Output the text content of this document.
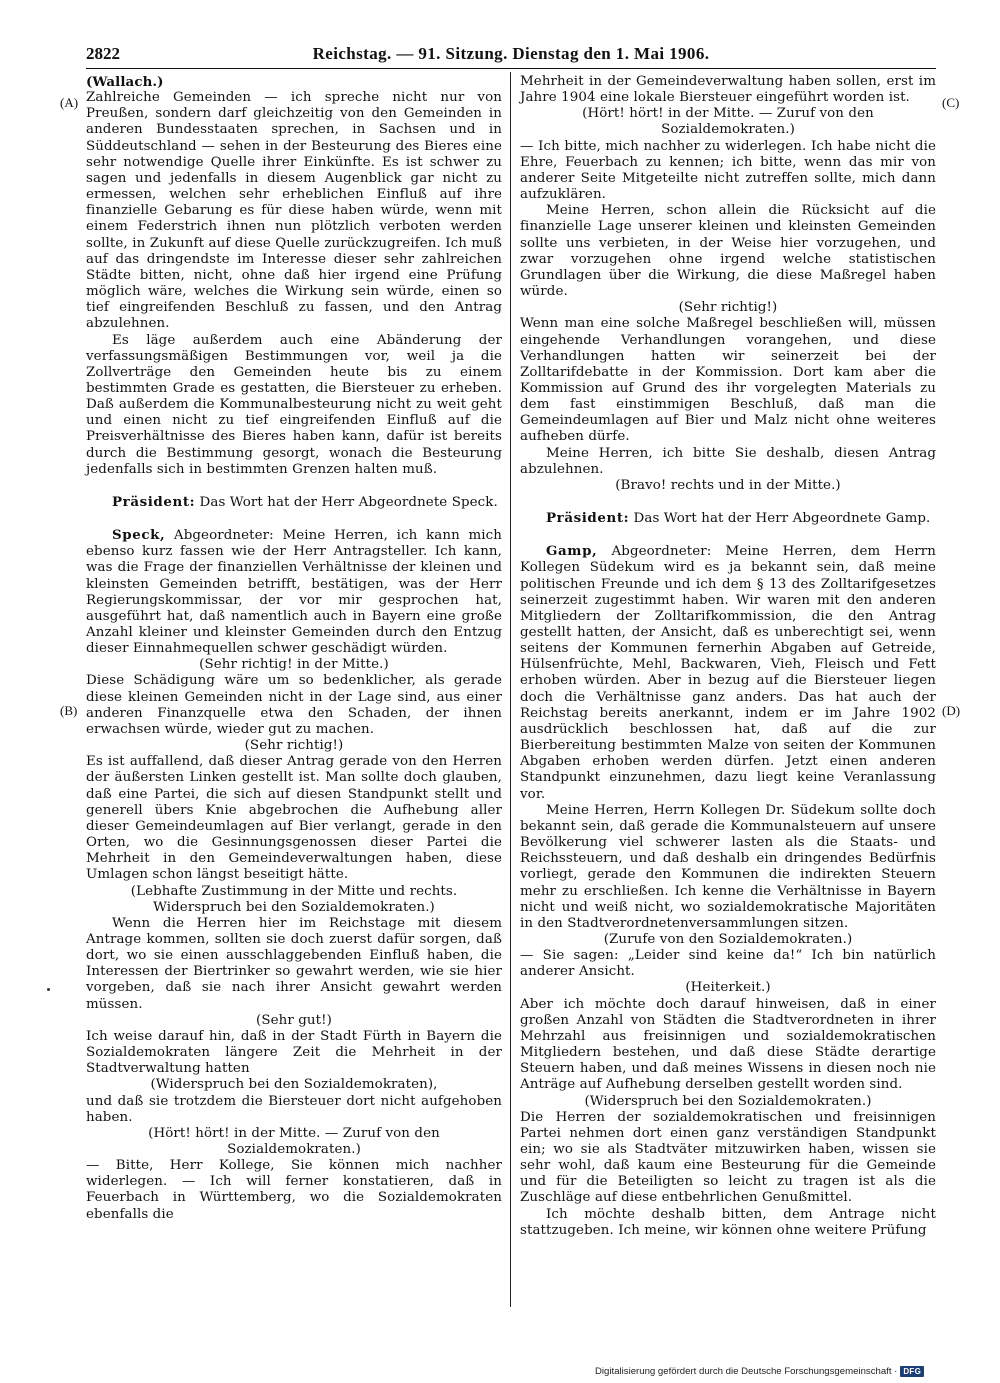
2822	Reichstag. — 91. Sitzung. Dienstag den 1. Mai 1906.
(A)
(B)
(C)
(D)

(Wallach.)

Zahlreiche Gemeinden — ich spreche nicht nur von Preußen, sondern darf gleichzeitig von den Gemeinden in anderen Bundesstaaten sprechen, in Sachsen und in Süddeutschland — sehen in der Besteurung des Bieres eine sehr notwendige Quelle ihrer Einkünfte. Es ist schwer zu sagen und jedenfalls in diesem Augenblick gar nicht zu ermessen, welchen sehr erheblichen Einfluß auf ihre finanzielle Gebarung es für diese haben würde, wenn mit einem Federstrich ihnen nun plötzlich verboten werden sollte, in Zukunft auf diese Quelle zurückzugreifen. Ich muß auf das dringendste im Interesse dieser sehr zahlreichen Städte bitten, nicht, ohne daß hier irgend eine Prüfung möglich wäre, welches die Wirkung sein würde, einen so tief eingreifenden Beschluß zu fassen, und den Antrag abzulehnen.

Es läge außerdem auch eine Abänderung der verfassungsmäßigen Bestimmungen vor, weil ja die Zollverträge den Gemeinden heute bis zu einem bestimmten Grade es gestatten, die Biersteuer zu erheben. Daß außerdem die Kommunalbesteurung nicht zu weit geht und einen nicht zu tief eingreifenden Einfluß auf die Preisverhältnisse des Bieres haben kann, dafür ist bereits durch die Bestimmung gesorgt, wonach die Besteurung jedenfalls sich in bestimmten Grenzen halten muß.

Präsident: Das Wort hat der Herr Abgeordnete Speck.

Speck, Abgeordneter: Meine Herren, ich kann mich ebenso kurz fassen wie der Herr Antragsteller. Ich kann, was die Frage der finanziellen Verhältnisse der kleinen und kleinsten Gemeinden betrifft, bestätigen, was der Herr Regierungskommissar, der vor mir gesprochen hat, ausgeführt hat, daß namentlich auch in Bayern eine große Anzahl kleiner und kleinster Gemeinden durch den Entzug dieser Einnahmequellen schwer geschädigt würden.

(Sehr richtig! in der Mitte.)

Diese Schädigung wäre um so bedenklicher, als gerade diese kleinen Gemeinden nicht in der Lage sind, aus einer anderen Finanzquelle etwa den Schaden, der ihnen erwachsen würde, wieder gut zu machen.

(Sehr richtig!)

Es ist auffallend, daß dieser Antrag gerade von den Herren der äußersten Linken gestellt ist. Man sollte doch glauben, daß eine Partei, die sich auf diesen Standpunkt stellt und generell übers Knie abgebrochen die Aufhebung aller dieser Gemeindeumlagen auf Bier verlangt, gerade in den Orten, wo die Gesinnungsgenossen dieser Partei die Mehrheit in den Gemeindeverwaltungen haben, diese Umlagen schon längst beseitigt hätte.

(Lebhafte Zustimmung in der Mitte und rechts. Widerspruch bei den Sozialdemokraten.)

Wenn die Herren hier im Reichstage mit diesem Antrage kommen, sollten sie doch zuerst dafür sorgen, daß dort, wo sie einen ausschlaggebenden Einfluß haben, die Interessen der Biertrinker so gewahrt werden, wie sie hier vorgeben, daß sie nach ihrer Ansicht gewahrt werden müssen.

(Sehr gut!)

Ich weise darauf hin, daß in der Stadt Fürth in Bayern die Sozialdemokraten längere Zeit die Mehrheit in der Stadtverwaltung hatten

(Widerspruch bei den Sozialdemokraten),

und daß sie trotzdem die Biersteuer dort nicht aufgehoben haben.

(Hört! hört! in der Mitte. — Zuruf von den Sozialdemokraten.)

— Bitte, Herr Kollege, Sie können mich nachher widerlegen. — Ich will ferner konstatieren, daß in Feuerbach in Württemberg, wo die Sozialdemokraten ebenfalls die

Mehrheit in der Gemeindeverwaltung haben sollen, erst im Jahre 1904 eine lokale Biersteuer eingeführt worden ist.

(Hört! hört! in der Mitte. — Zuruf von den Sozialdemokraten.)

— Ich bitte, mich nachher zu widerlegen. Ich habe nicht die Ehre, Feuerbach zu kennen; ich bitte, wenn das mir von anderer Seite Mitgeteilte nicht zutreffen sollte, mich dann aufzuklären.

Meine Herren, schon allein die Rücksicht auf die finanzielle Lage unserer kleinen und kleinsten Gemeinden sollte uns verbieten, in der Weise hier vorzugehen, und zwar vorzugehen ohne irgend welche statistischen Grundlagen über die Wirkung, die diese Maßregel haben würde.

(Sehr richtig!)

Wenn man eine solche Maßregel beschließen will, müssen eingehende Verhandlungen vorangehen, und diese Verhandlungen hatten wir seinerzeit bei der Zolltarifdebatte in der Kommission. Dort kam aber die Kommission auf Grund des ihr vorgelegten Materials zu dem fast einstimmigen Beschluß, daß man die Gemeindeumlagen auf Bier und Malz nicht ohne weiteres aufheben dürfe.

Meine Herren, ich bitte Sie deshalb, diesen Antrag abzulehnen.

(Bravo! rechts und in der Mitte.)

Präsident: Das Wort hat der Herr Abgeordnete Gamp.

Gamp, Abgeordneter: Meine Herren, dem Herrn Kollegen Südekum wird es ja bekannt sein, daß meine politischen Freunde und ich dem § 13 des Zolltarifgesetzes seinerzeit zugestimmt haben. Wir waren mit den anderen Mitgliedern der Zolltarifkommission, die den Antrag gestellt hatten, der Ansicht, daß es unberechtigt sei, wenn seitens der Kommunen fernerhin Abgaben auf Getreide, Hülsenfrüchte, Mehl, Backwaren, Vieh, Fleisch und Fett erhoben würden. Aber in bezug auf die Biersteuer liegen doch die Verhältnisse ganz anders. Das hat auch der Reichstag bereits anerkannt, indem er im Jahre 1902 ausdrücklich beschlossen hat, daß auf die zur Bierbereitung bestimmten Malze von seiten der Kommunen Abgaben erhoben werden dürfen. Jetzt einen anderen Standpunkt einzunehmen, dazu liegt keine Veranlassung vor.

Meine Herren, Herrn Kollegen Dr. Südekum sollte doch bekannt sein, daß gerade die Kommunalsteuern auf unsere Bevölkerung viel schwerer lasten als die Staats- und Reichssteuern, und daß deshalb ein dringendes Bedürfnis vorliegt, gerade den Kommunen die indirekten Steuern mehr zu erschließen. Ich kenne die Verhältnisse in Bayern nicht und weiß nicht, wo sozialdemokratische Majoritäten in den Stadtverordnetenversammlungen sitzen.

(Zurufe von den Sozialdemokraten.)

— Sie sagen: „Leider sind keine da!“ Ich bin natürlich anderer Ansicht.

(Heiterkeit.)

Aber ich möchte doch darauf hinweisen, daß in einer großen Anzahl von Städten die Stadtverordneten in ihrer Mehrzahl aus freisinnigen und sozialdemokratischen Mitgliedern bestehen, und daß diese Städte derartige Steuern haben, und daß meines Wissens in diesen noch nie Anträge auf Aufhebung derselben gestellt worden sind.

(Widerspruch bei den Sozialdemokraten.)

Die Herren der sozialdemokratischen und freisinnigen Partei nehmen dort einen ganz verständigen Standpunkt ein; wo sie als Stadtväter mitzuwirken haben, wissen sie sehr wohl, daß kaum eine Besteurung für die Gemeinde und für die Beteiligten so leicht zu tragen ist als die Zuschläge auf diese entbehrlichen Genußmittel.

Ich möchte deshalb bitten, dem Antrage nicht stattzugeben. Ich meine, wir können ohne weitere Prüfung

Digitalisierung gefördert durch die Deutsche Forschungsgemeinschaft · DFG
